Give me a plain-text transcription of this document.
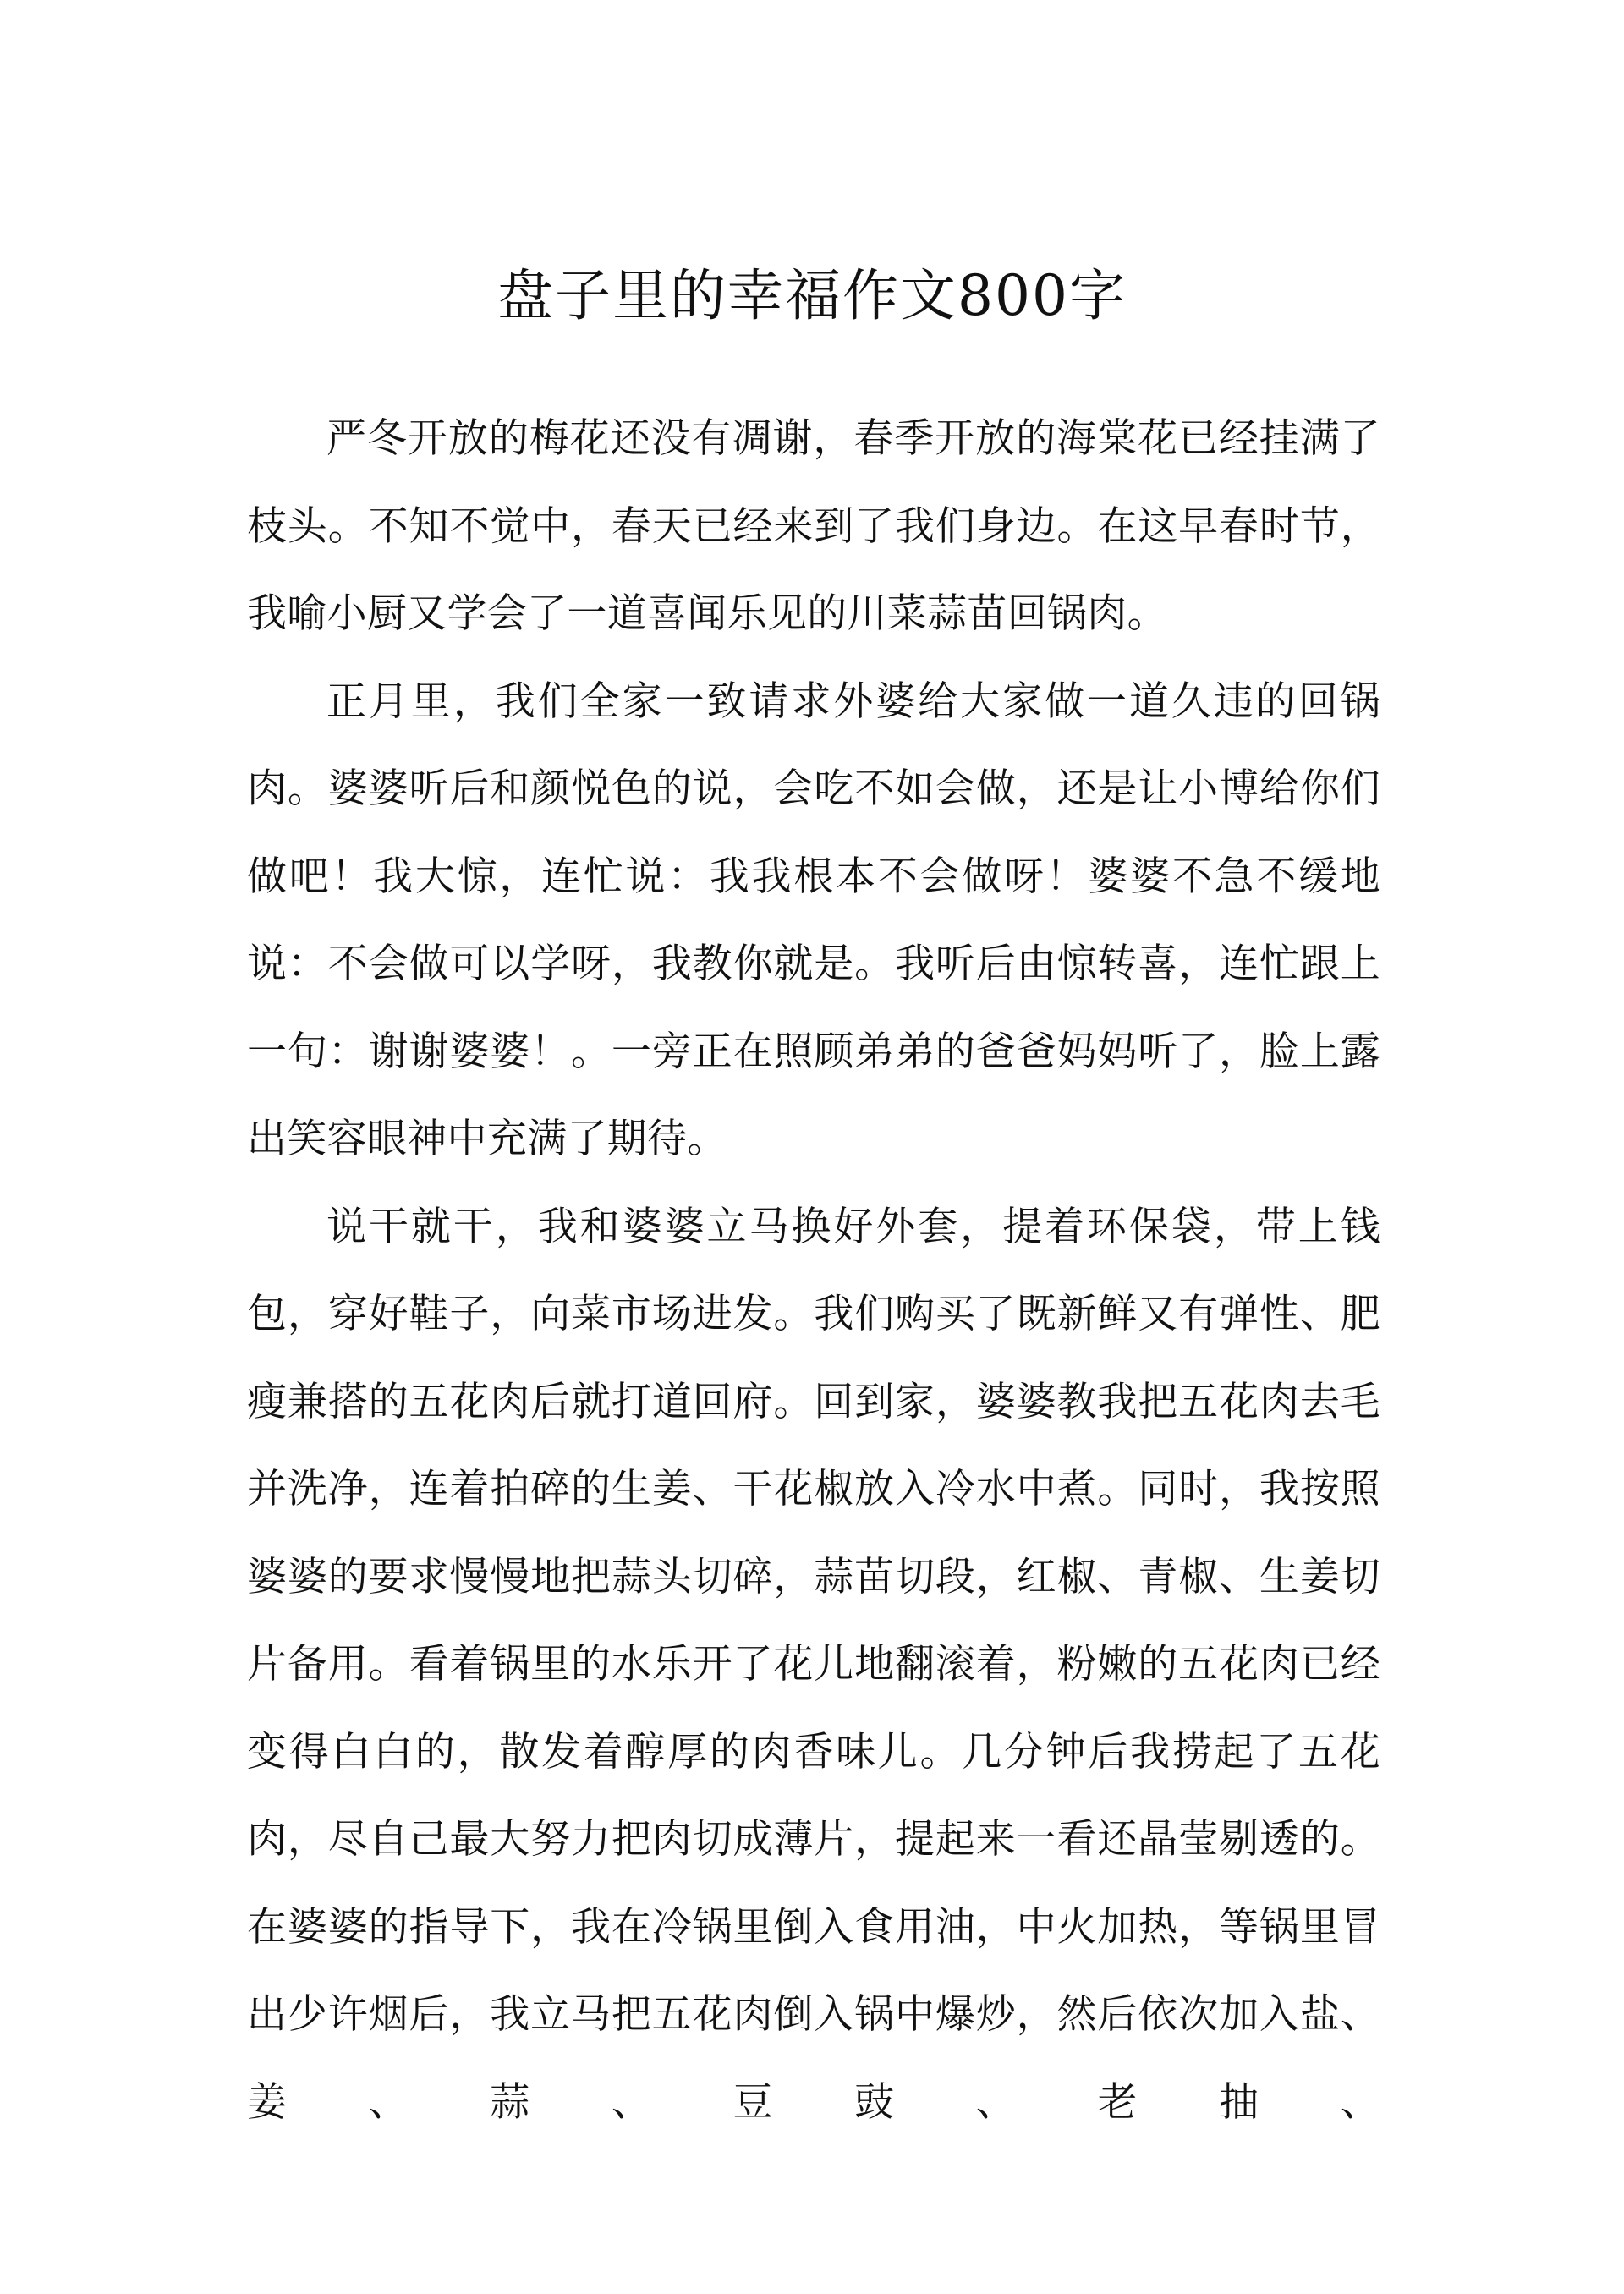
盘子里的幸福作文800字

严冬开放的梅花还没有凋谢，春季开放的海棠花已经挂满了枝头。不知不觉中，春天已经来到了我们身边。在这早春时节，我喻小厨又学会了一道喜闻乐见的川菜蒜苗回锅肉。

正月里，我们全家一致请求外婆给大家做一道久违的回锅肉。婆婆听后和颜悦色的说，会吃不如会做，还是让小博给你们做吧！我大惊，连忙说：我我根本不会做呀！婆婆不急不缓地说：不会做可以学呀，我教你就是。我听后由惊转喜，连忙跟上一句：谢谢婆婆！。一旁正在照顾弟弟的爸爸妈妈听了，脸上露出笑容眼神中充满了期待。

说干就干，我和婆婆立马换好外套，提着环保袋，带上钱包，穿好鞋子，向菜市场进发。我们购买了既新鲜又有弹性、肥瘦兼搭的五花肉后就打道回府。回到家，婆婆教我把五花肉去毛并洗净，连着拍碎的生姜、干花椒放入冷水中煮。同时，我按照婆婆的要求慢慢地把蒜头切碎，蒜苗切段，红椒、青椒、生姜切片备用。看着锅里的水乐开了花儿地翻滚着，粉嫩的五花肉已经变得白白的，散发着醇厚的肉香味儿。几分钟后我捞起了五花肉，尽自己最大努力把肉切成薄片，提起来一看还晶莹剔透的。在婆婆的指导下，我在冷锅里倒入食用油，中火加热，等锅里冒出少许烟后，我立马把五花肉倒入锅中爆炒，然后依次加入盐、姜、蒜、豆豉、老抽、
